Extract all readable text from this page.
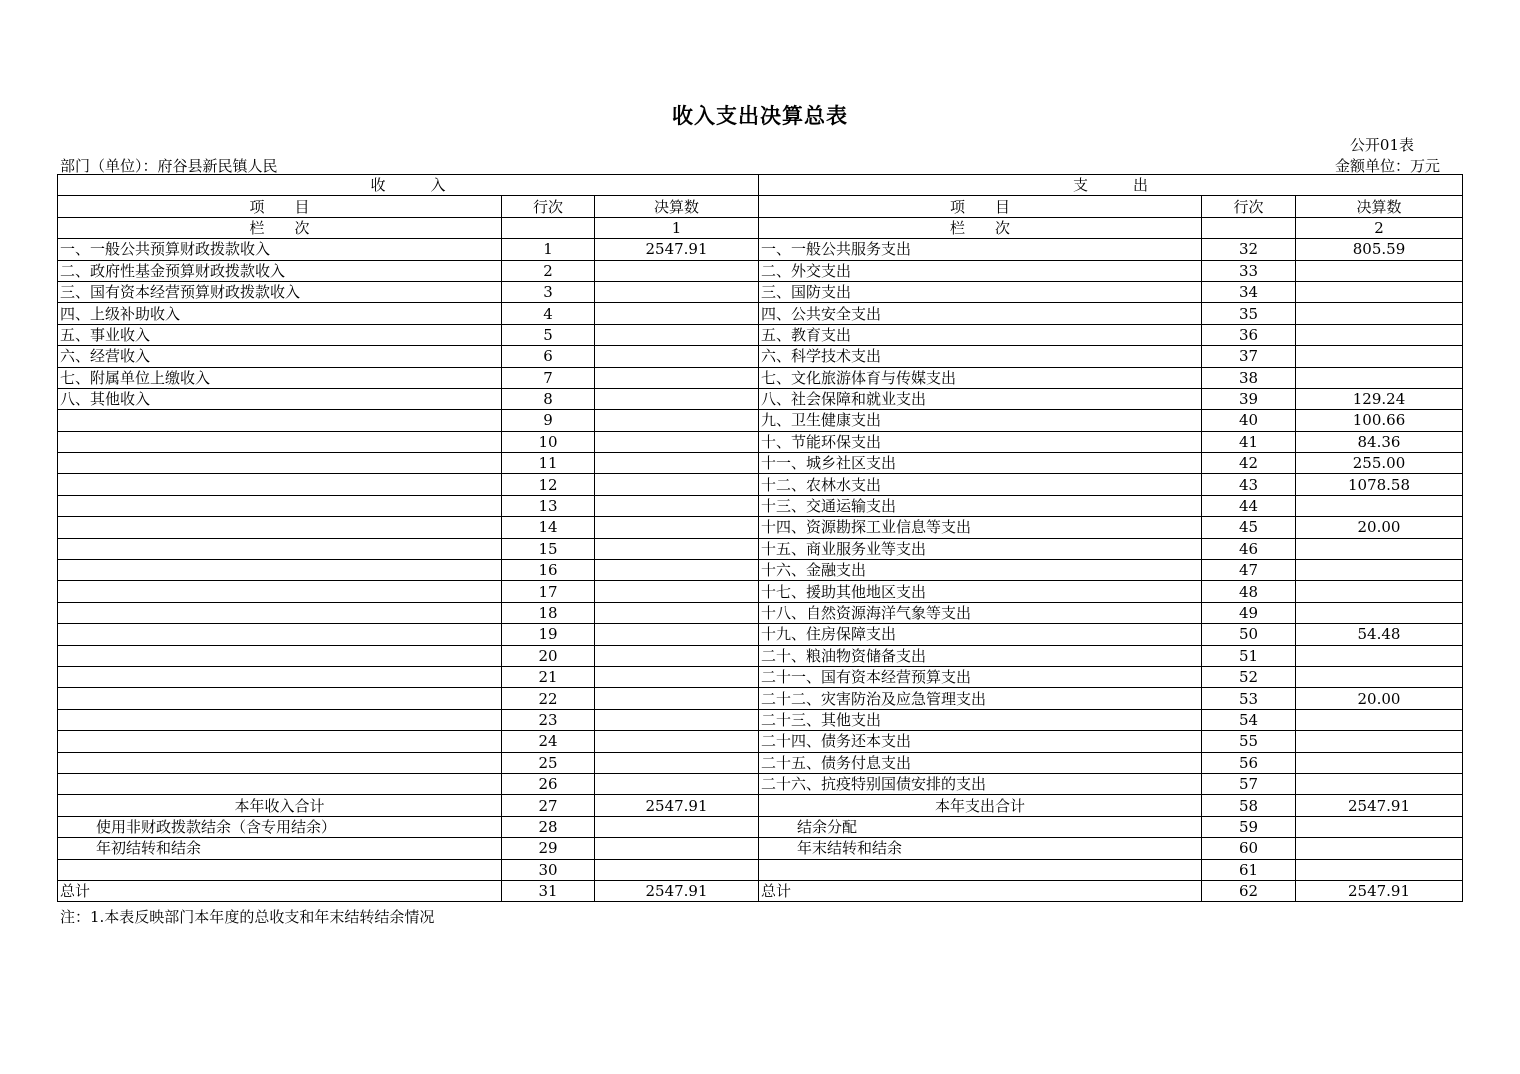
收入支出决算总表
公开01表
部门（单位）：府谷县新民镇人民	金额单位：万元
收　　　入			支　　　出		
项　　目	行次	决算数	项　　目	行次	决算数
栏　　次		1	栏　　次		2
一、一般公共预算财政拨款收入	1	2547.91	一、一般公共服务支出	32	805.59
二、政府性基金预算财政拨款收入	2		二、外交支出	33	
三、国有资本经营预算财政拨款收入	3		三、国防支出	34	
四、上级补助收入	4		四、公共安全支出	35	
五、事业收入	5		五、教育支出	36	
六、经营收入	6		六、科学技术支出	37	
七、附属单位上缴收入	7		七、文化旅游体育与传媒支出	38	
八、其他收入	8		八、社会保障和就业支出	39	129.24
	9		九、卫生健康支出	40	100.66
	10		十、节能环保支出	41	84.36
	11		十一、城乡社区支出	42	255.00
	12		十二、农林水支出	43	1078.58
	13		十三、交通运输支出	44	
	14		十四、资源勘探工业信息等支出	45	20.00
	15		十五、商业服务业等支出	46	
	16		十六、金融支出	47	
	17		十七、援助其他地区支出	48	
	18		十八、自然资源海洋气象等支出	49	
	19		十九、住房保障支出	50	54.48
	20		二十、粮油物资储备支出	51	
	21		二十一、国有资本经营预算支出	52	
	22		二十二、灾害防治及应急管理支出	53	20.00
	23		二十三、其他支出	54	
	24		二十四、债务还本支出	55	
	25		二十五、债务付息支出	56	
	26		二十六、抗疫特别国债安排的支出	57	
本年收入合计	27	2547.91	本年支出合计	58	2547.91
使用非财政拨款结余（含专用结余）	28		结余分配	59	
年初结转和结余	29		年末结转和结余	60	
	30			61	
总计	31	2547.91	总计	62	2547.91
注：1.本表反映部门本年度的总收支和年末结转结余情况
